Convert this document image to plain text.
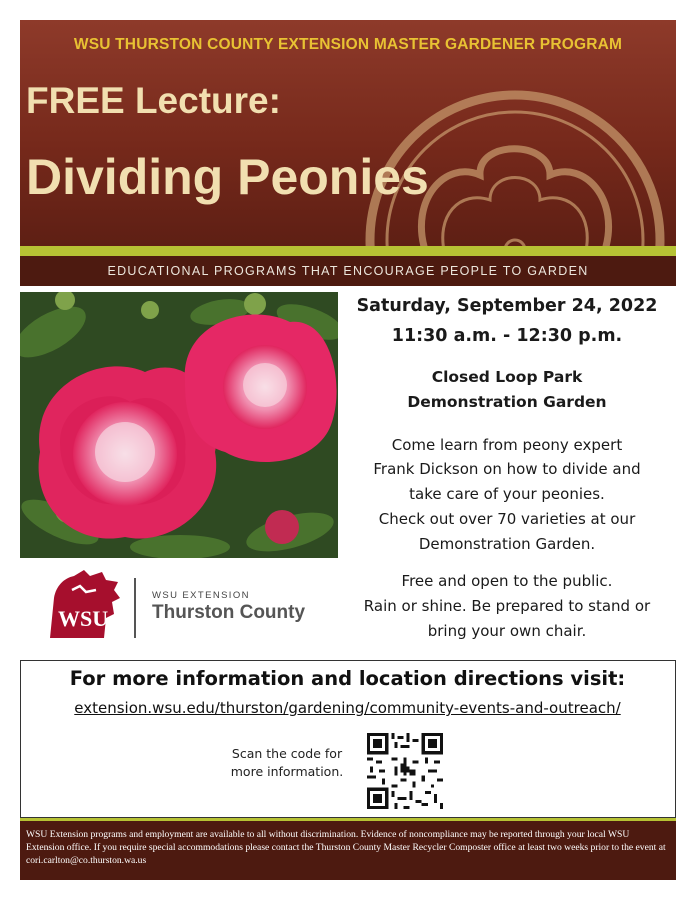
WSU THURSTON COUNTY EXTENSION MASTER GARDENER PROGRAM
FREE Lecture:
Dividing Peonies
EDUCATIONAL PROGRAMS THAT ENCOURAGE PEOPLE TO GARDEN
Saturday, September 24, 2022
11:30 a.m. - 12:30 p.m.
Closed Loop Park
Demonstration Garden
Come learn from peony expert
Frank Dickson on how to divide and
take care of your peonies.
Check out over 70 varieties at our
Demonstration Garden.
Free and open to the public.
Rain or shine. Be prepared to stand or
bring your own chair.
WSU
WSU EXTENSION
Thurston County
For more information and location directions visit:
extension.wsu.edu/thurston/gardening/community-events-and-outreach/
Scan the code for
more information.
WSU Extension programs and employment are available to all without discrimination. Evidence of noncompliance may be reported through your local WSU Extension office. If you require special accommodations please contact the Thurston County Master Recycler Composter office at least two weeks prior to the event at cori.carlton@co.thurston.wa.us
